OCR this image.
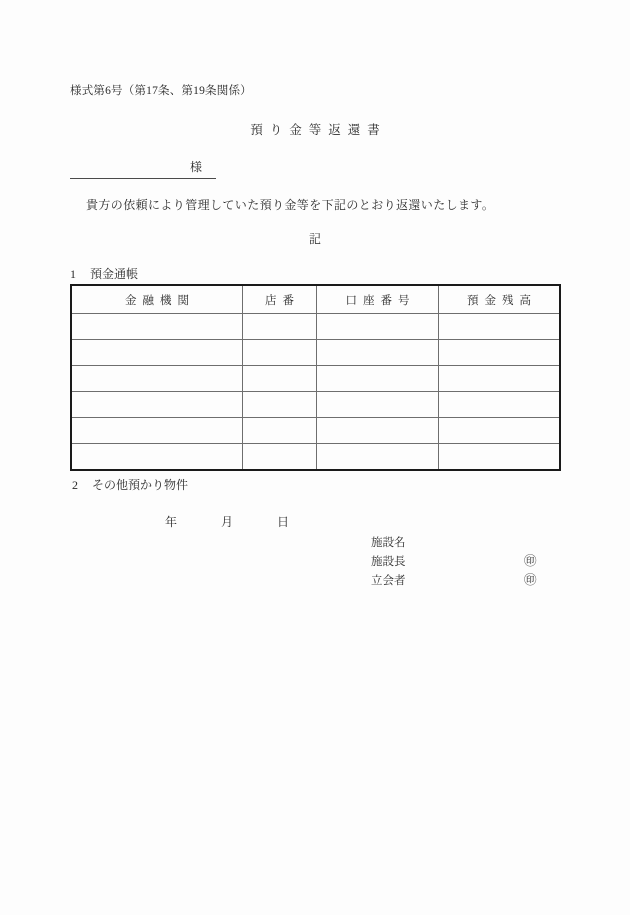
様式第6号（第17条、第19条関係）
預り金等返還書
様
貴方の依頼により管理していた預り金等を下記のとおり返還いたします。
記
1 預金通帳
金融機関	店番	口座番号	預金残高

2 その他預かり物件
年	月	日
施設名
施設長	㊞
立会者	㊞
